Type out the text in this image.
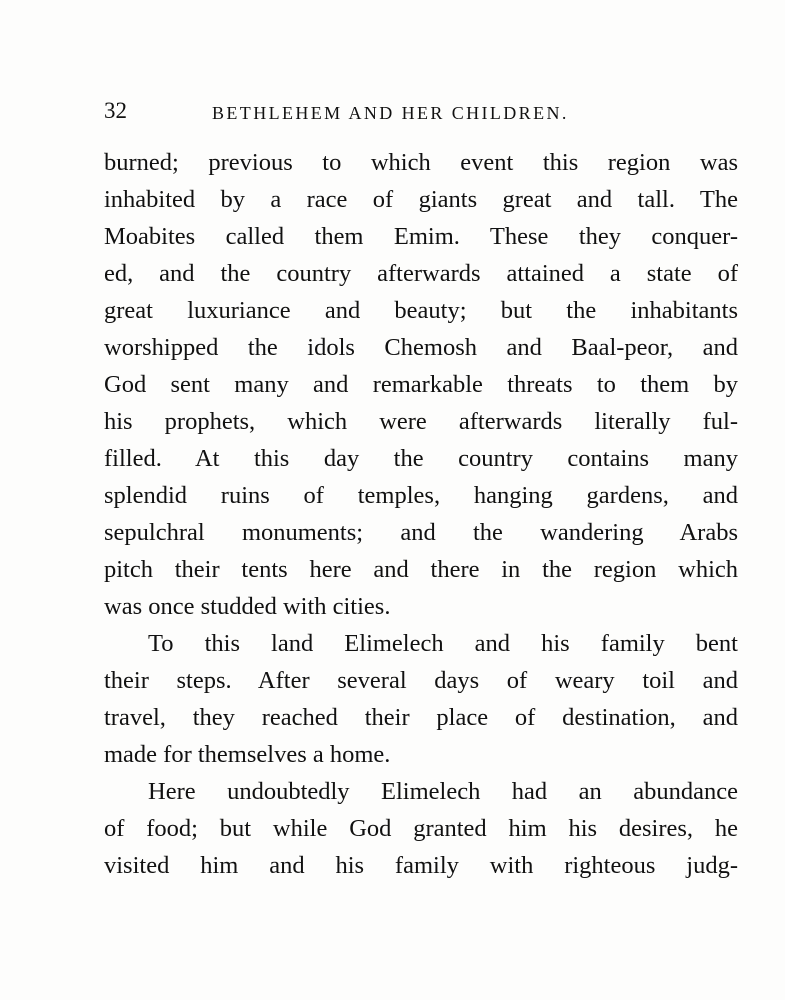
32	BETHLEHEM AND HER CHILDREN.
burned; previous to which event this region was
inhabited by a race of giants great and tall. The
Moabites called them Emim. These they conquer-
ed, and the country afterwards attained a state of
great luxuriance and beauty; but the inhabitants
worshipped the idols Chemosh and Baal-peor, and
God sent many and remarkable threats to them by
his prophets, which were afterwards literally ful-
filled. At this day the country contains many
splendid ruins of temples, hanging gardens, and
sepulchral monuments; and the wandering Arabs
pitch their tents here and there in the region which
was once studded with cities.
To this land Elimelech and his family bent
their steps. After several days of weary toil and
travel, they reached their place of destination, and
made for themselves a home.
Here undoubtedly Elimelech had an abundance
of food; but while God granted him his desires, he
visited him and his family with righteous judg-
